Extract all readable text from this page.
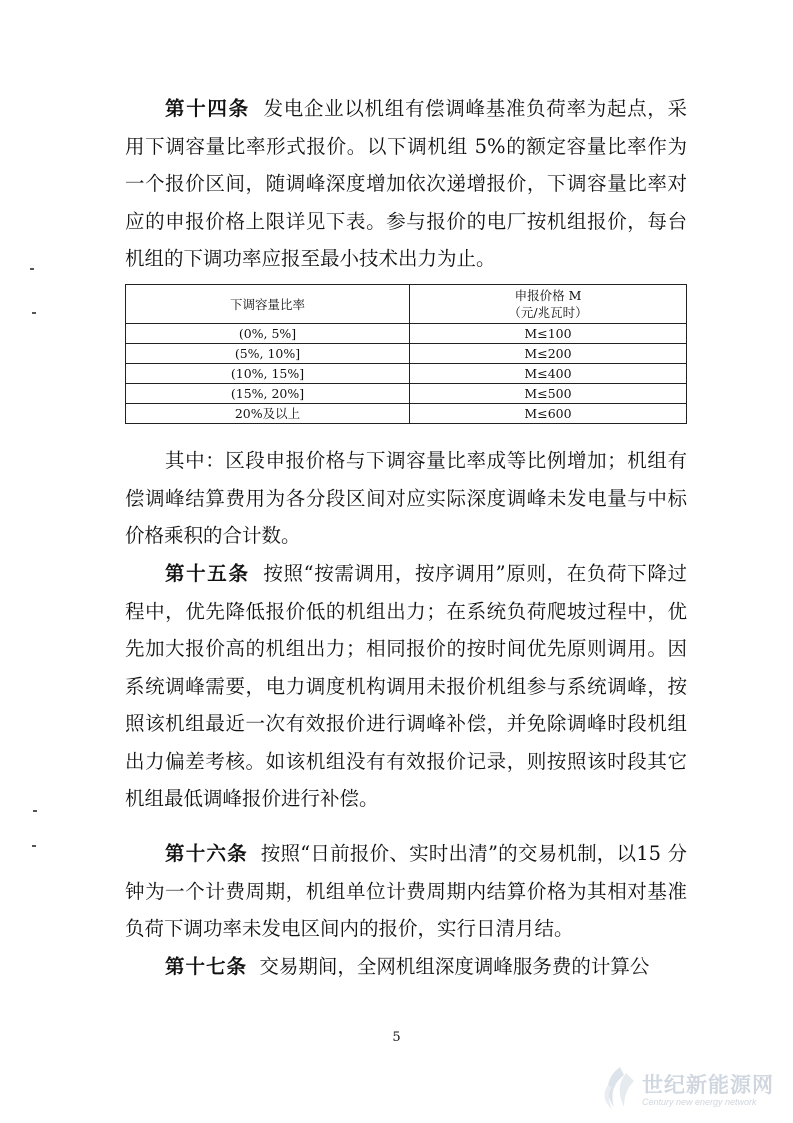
第十四条 发电企业以机组有偿调峰基准负荷率为起点，采用下调容量比率形式报价。以下调机组 5%的额定容量比率作为一个报价区间，随调峰深度增加依次递增报价，下调容量比率对应的申报价格上限详见下表。参与报价的电厂按机组报价，每台机组的下调功率应报至最小技术出力为止。

下调容量比率	申报价格 M
（元/兆瓦时）

(0%, 5%]	M≤100
(5%, 10%]	M≤200
(10%, 15%]	M≤400
(15%, 20%]	M≤500
20%及以上	M≤600

其中：区段申报价格与下调容量比率成等比例增加；机组有偿调峰结算费用为各分段区间对应实际深度调峰未发电量与中标价格乘积的合计数。

第十五条 按照“按需调用，按序调用”原则，在负荷下降过程中，优先降低报价低的机组出力；在系统负荷爬坡过程中，优先加大报价高的机组出力；相同报价的按时间优先原则调用。因系统调峰需要，电力调度机构调用未报价机组参与系统调峰，按照该机组最近一次有效报价进行调峰补偿，并免除调峰时段机组出力偏差考核。如该机组没有有效报价记录，则按照该时段其它机组最低调峰报价进行补偿。

第十六条 按照“日前报价、实时出清”的交易机制，以15 分钟为一个计费周期，机组单位计费周期内结算价格为其相对基准负荷下调功率未发电区间内的报价，实行日清月结。

第十七条 交易期间，全网机组深度调峰服务费的计算公

5
世纪新能源网
Century new energy network
